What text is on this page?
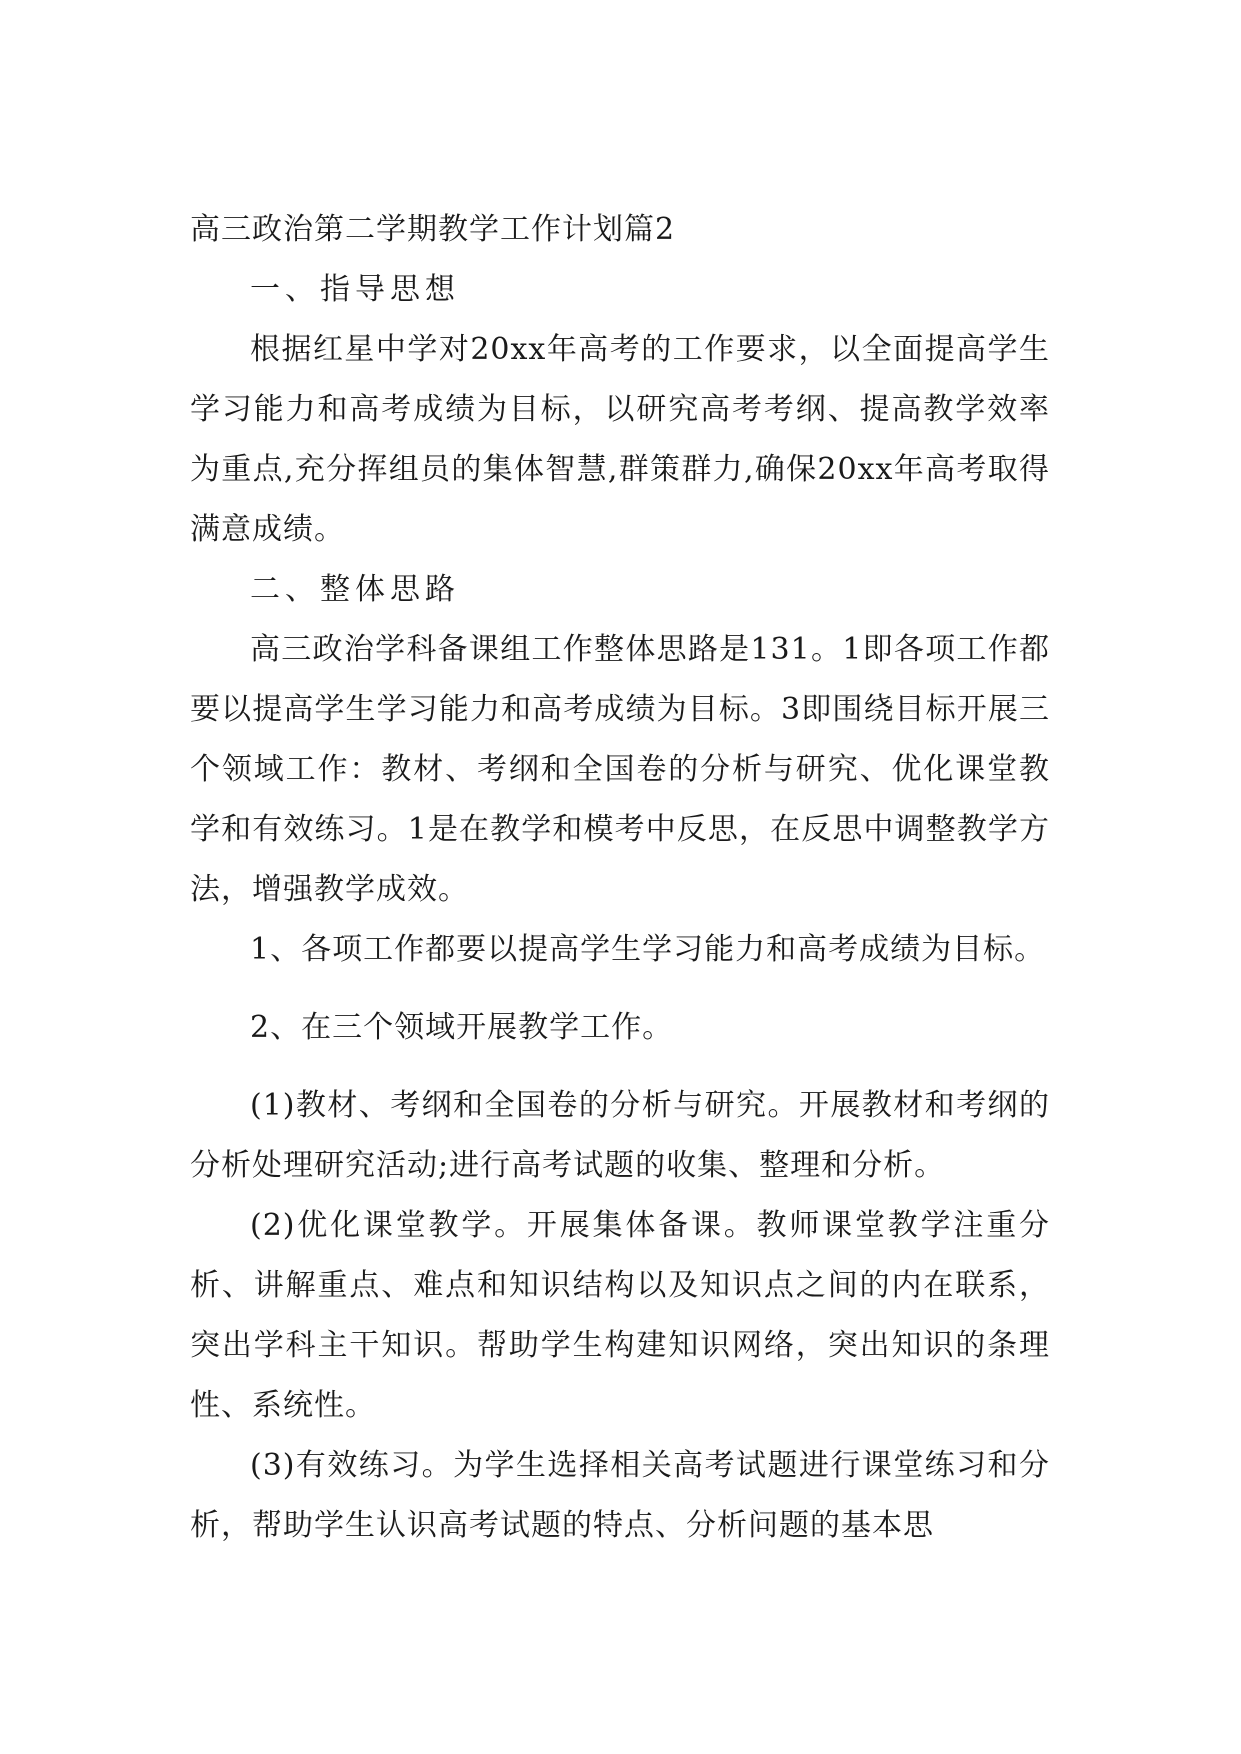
高三政治第二学期教学工作计划篇2

一、指导思想

根据红星中学对20xx年高考的工作要求，以全面提高学生学习能力和高考成绩为目标，以研究高考考纲、提高教学效率为重点,充分挥组员的集体智慧,群策群力,确保20xx年高考取得满意成绩。

二、整体思路

高三政治学科备课组工作整体思路是131。1即各项工作都要以提高学生学习能力和高考成绩为目标。3即围绕目标开展三个领域工作：教材、考纲和全国卷的分析与研究、优化课堂教学和有效练习。1是在教学和模考中反思，在反思中调整教学方法，增强教学成效。

1、各项工作都要以提高学生学习能力和高考成绩为目标。

2、在三个领域开展教学工作。

(1)教材、考纲和全国卷的分析与研究。开展教材和考纲的分析处理研究活动;进行高考试题的收集、整理和分析。

(2)优化课堂教学。开展集体备课。教师课堂教学注重分析、讲解重点、难点和知识结构以及知识点之间的内在联系，突出学科主干知识。帮助学生构建知识网络，突出知识的条理性、系统性。

(3)有效练习。为学生选择相关高考试题进行课堂练习和分析，帮助学生认识高考试题的特点、分析问题的基本思
